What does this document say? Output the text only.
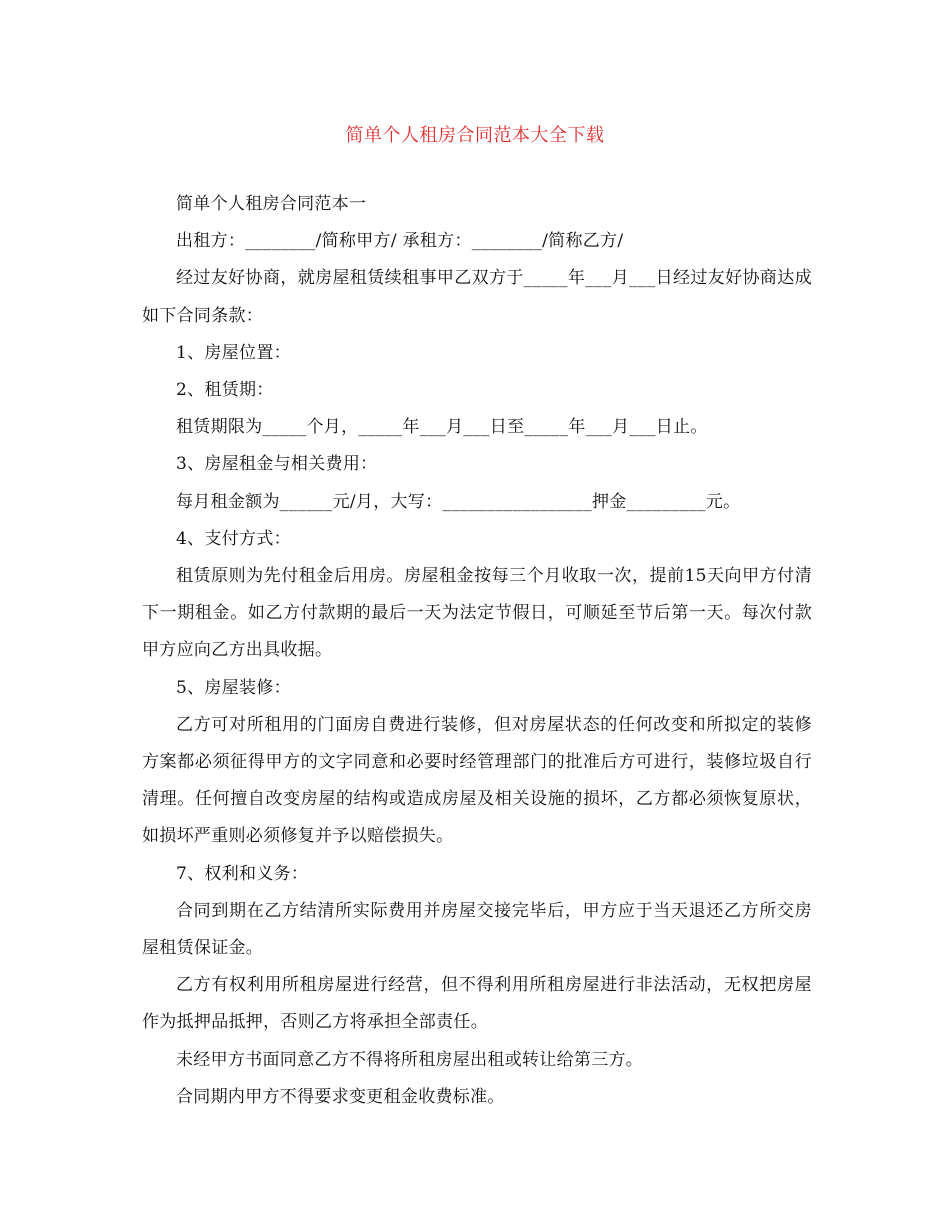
简单个人租房合同范本大全下载

简单个人租房合同范本一

出租方：________/简称甲方/ 承租方：________/简称乙方/

经过友好协商，就房屋租赁续租事甲乙双方于_____年___月___日经过友好协商达成如下合同条款：

1、房屋位置：

2、租赁期：

租赁期限为_____个月，_____年___月___日至_____年___月___日止。

3、房屋租金与相关费用：

每月租金额为______元/月，大写：_________________押金_________元。

4、支付方式：

租赁原则为先付租金后用房。房屋租金按每三个月收取一次，提前15天向甲方付清下一期租金。如乙方付款期的最后一天为法定节假日，可顺延至节后第一天。每次付款甲方应向乙方出具收据。

5、房屋装修：

乙方可对所租用的门面房自费进行装修，但对房屋状态的任何改变和所拟定的装修方案都必须征得甲方的文字同意和必要时经管理部门的批准后方可进行，装修垃圾自行清理。任何擅自改变房屋的结构或造成房屋及相关设施的损坏，乙方都必须恢复原状，如损坏严重则必须修复并予以赔偿损失。

7、权利和义务：

合同到期在乙方结清所实际费用并房屋交接完毕后，甲方应于当天退还乙方所交房屋租赁保证金。

乙方有权利用所租房屋进行经营，但不得利用所租房屋进行非法活动，无权把房屋作为抵押品抵押，否则乙方将承担全部责任。

未经甲方书面同意乙方不得将所租房屋出租或转让给第三方。

合同期内甲方不得要求变更租金收费标准。
